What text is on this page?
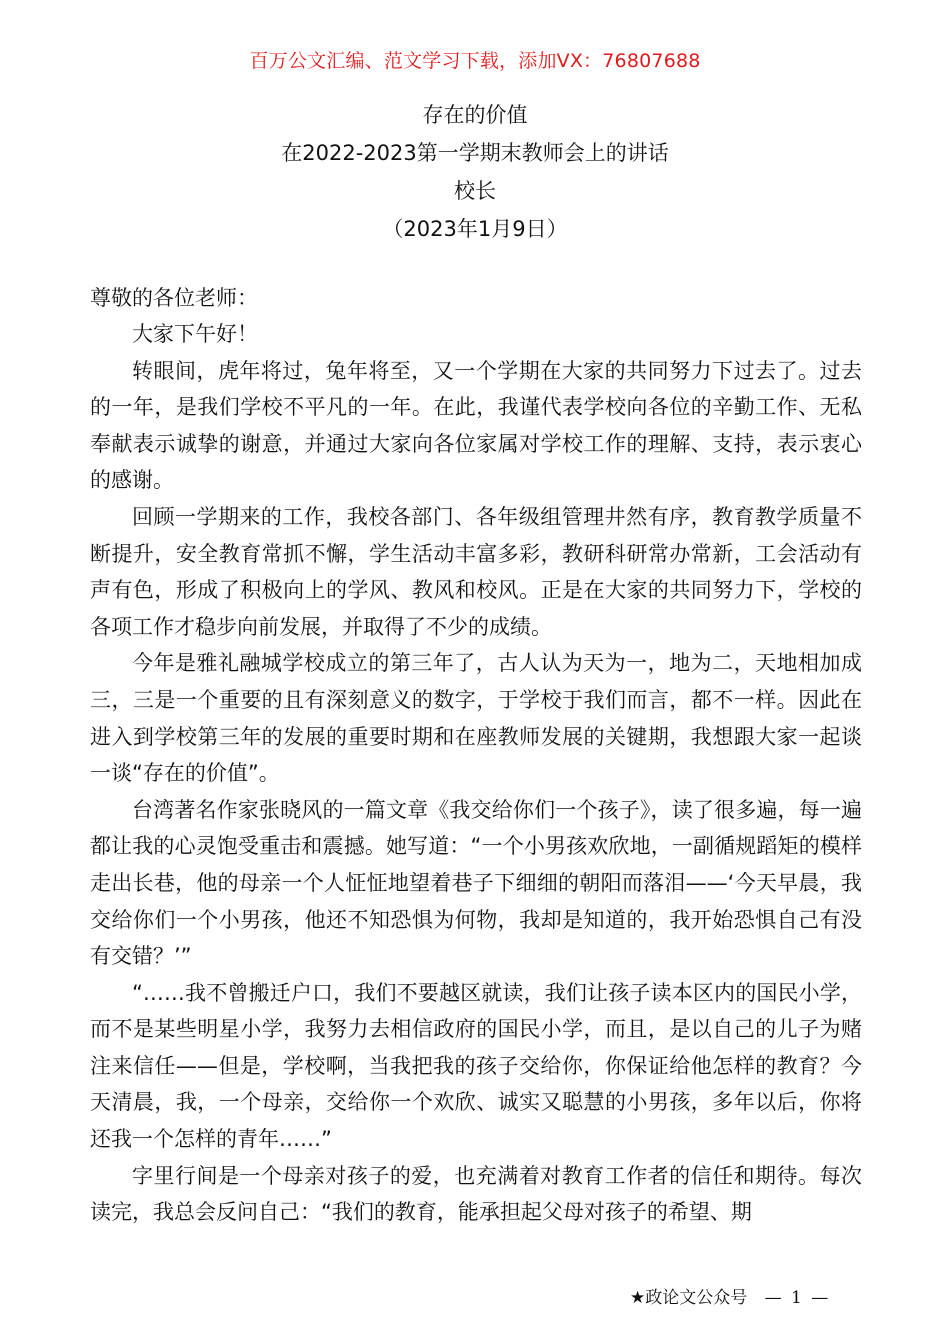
百万公文汇编、范文学习下载，添加VX：76807688
存在的价值
在2022-2023第一学期末教师会上的讲话
校长
（2023年1月9日）
尊敬的各位老师：

大家下午好！

转眼间，虎年将过，兔年将至，又一个学期在大家的共同努力下过去了。过去的一年，是我们学校不平凡的一年。在此，我谨代表学校向各位的辛勤工作、无私奉献表示诚挚的谢意，并通过大家向各位家属对学校工作的理解、支持，表示衷心的感谢。

回顾一学期来的工作，我校各部门、各年级组管理井然有序，教育教学质量不断提升，安全教育常抓不懈，学生活动丰富多彩，教研科研常办常新，工会活动有声有色，形成了积极向上的学风、教风和校风。正是在大家的共同努力下，学校的各项工作才稳步向前发展，并取得了不少的成绩。

今年是雅礼融城学校成立的第三年了，古人认为天为一，地为二，天地相加成三，三是一个重要的且有深刻意义的数字，于学校于我们而言，都不一样。因此在进入到学校第三年的发展的重要时期和在座教师发展的关键期，我想跟大家一起谈一谈“存在的价值”。

台湾著名作家张晓风的一篇文章《我交给你们一个孩子》，读了很多遍，每一遍都让我的心灵饱受重击和震撼。她写道：“一个小男孩欢欣地，一副循规蹈矩的模样走出长巷，他的母亲一个人怔怔地望着巷子下细细的朝阳而落泪——‘今天早晨，我交给你们一个小男孩，他还不知恐惧为何物，我却是知道的，我开始恐惧自己有没有交错？’”

“……我不曾搬迁户口，我们不要越区就读，我们让孩子读本区内的国民小学，而不是某些明星小学，我努力去相信政府的国民小学，而且，是以自己的儿子为赌注来信任——但是，学校啊，当我把我的孩子交给你，你保证给他怎样的教育？今天清晨，我，一个母亲，交给你一个欢欣、诚实又聪慧的小男孩，多年以后，你将还我一个怎样的青年……”

字里行间是一个母亲对孩子的爱，也充满着对教育工作者的信任和期待。每次读完，我总会反问自己：“我们的教育，能承担起父母对孩子的希望、期

★政论文公众号 — 1 —
